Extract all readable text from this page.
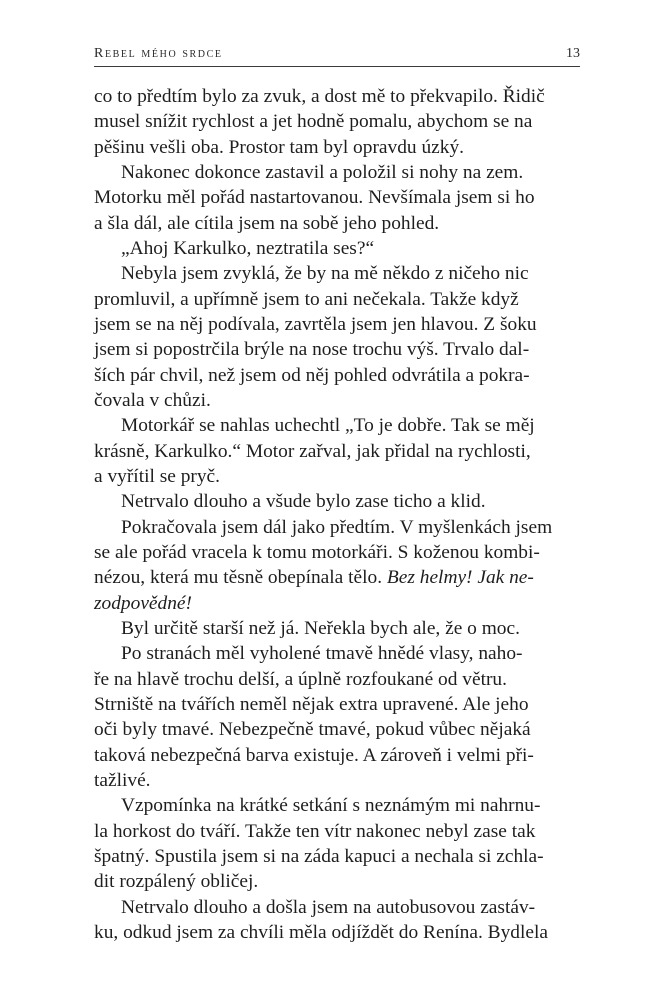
Rebel mého srdce	13
co to předtím bylo za zvuk, a dost mě to překvapilo. Řidič
musel snížit rychlost a jet hodně pomalu, abychom se na
pěšinu vešli oba. Prostor tam byl opravdu úzký.
Nakonec dokonce zastavil a položil si nohy na zem.
Motorku měl pořád nastartovanou. Nevšímala jsem si ho
a šla dál, ale cítila jsem na sobě jeho pohled.
„Ahoj Karkulko, neztratila ses?“
Nebyla jsem zvyklá, že by na mě někdo z ničeho nic
promluvil, a upřímně jsem to ani nečekala. Takže když
jsem se na něj podívala, zavrtěla jsem jen hlavou. Z šoku
jsem si popostrčila brýle na nose trochu výš. Trvalo dal-
ších pár chvil, než jsem od něj pohled odvrátila a pokra-
čovala v chůzi.
Motorkář se nahlas uchechtl „To je dobře. Tak se měj
krásně, Karkulko.“ Motor zařval, jak přidal na rychlosti,
a vyřítil se pryč.
Netrvalo dlouho a všude bylo zase ticho a klid.
Pokračovala jsem dál jako předtím. V myšlenkách jsem
se ale pořád vracela k tomu motorkáři. S koženou kombi-
nézou, která mu těsně obepínala tělo. Bez helmy! Jak ne-
zodpovědné!
Byl určitě starší než já. Neřekla bych ale, že o moc.
Po stranách měl vyholené tmavě hnědé vlasy, naho-
ře na hlavě trochu delší, a úplně rozfoukané od větru.
Strniště na tvářích neměl nějak extra upravené. Ale jeho
oči byly tmavé. Nebezpečně tmavé, pokud vůbec nějaká
taková nebezpečná barva existuje. A zároveň i velmi při-
tažlivé.
Vzpomínka na krátké setkání s neznámým mi nahrnu-
la horkost do tváří. Takže ten vítr nakonec nebyl zase tak
špatný. Spustila jsem si na záda kapuci a nechala si zchla-
dit rozpálený obličej.
Netrvalo dlouho a došla jsem na autobusovou zastáv-
ku, odkud jsem za chvíli měla odjíždět do Renína. Bydlela
